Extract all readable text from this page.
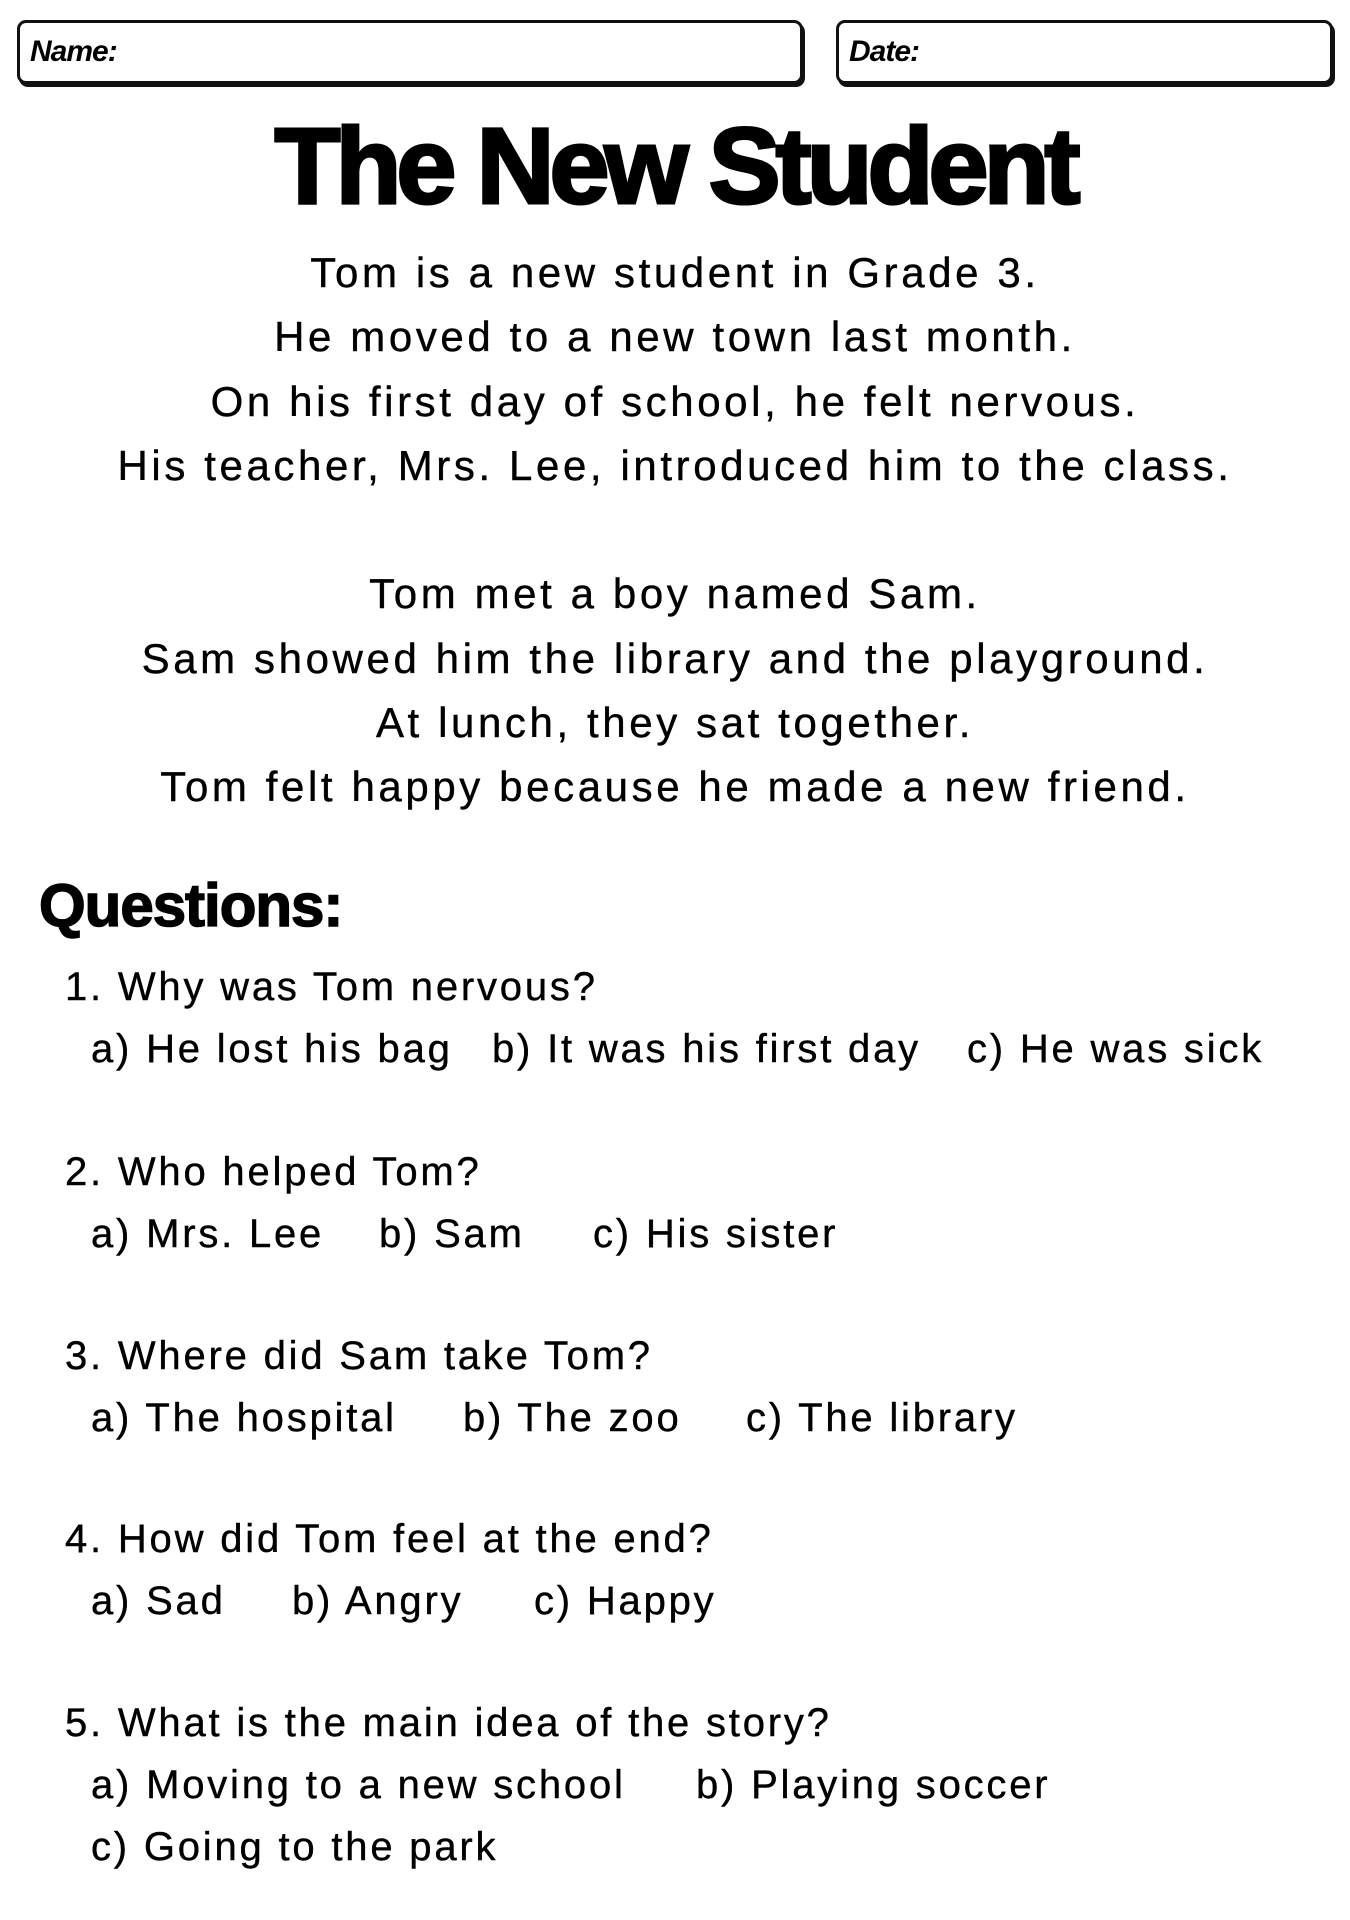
Name:	Date:
The New Student
Tom is a new student in Grade 3.
He moved to a new town last month.
On his first day of school, he felt nervous.
His teacher, Mrs. Lee, introduced him to the class.
Tom met a boy named Sam.
Sam showed him the library and the playground.
At lunch, they sat together.
Tom felt happy because he made a new friend.
Questions:
1. Why was Tom nervous?
a) He lost his bag b) It was his first day c) He was sick
2. Who helped Tom?
a) Mrs. Lee b) Sam c) His sister
3. Where did Sam take Tom?
a) The hospital b) The zoo c) The library
4. How did Tom feel at the end?
a) Sad b) Angry c) Happy
5. What is the main idea of the story?
a) Moving to a new school b) Playing soccer
c) Going to the park
